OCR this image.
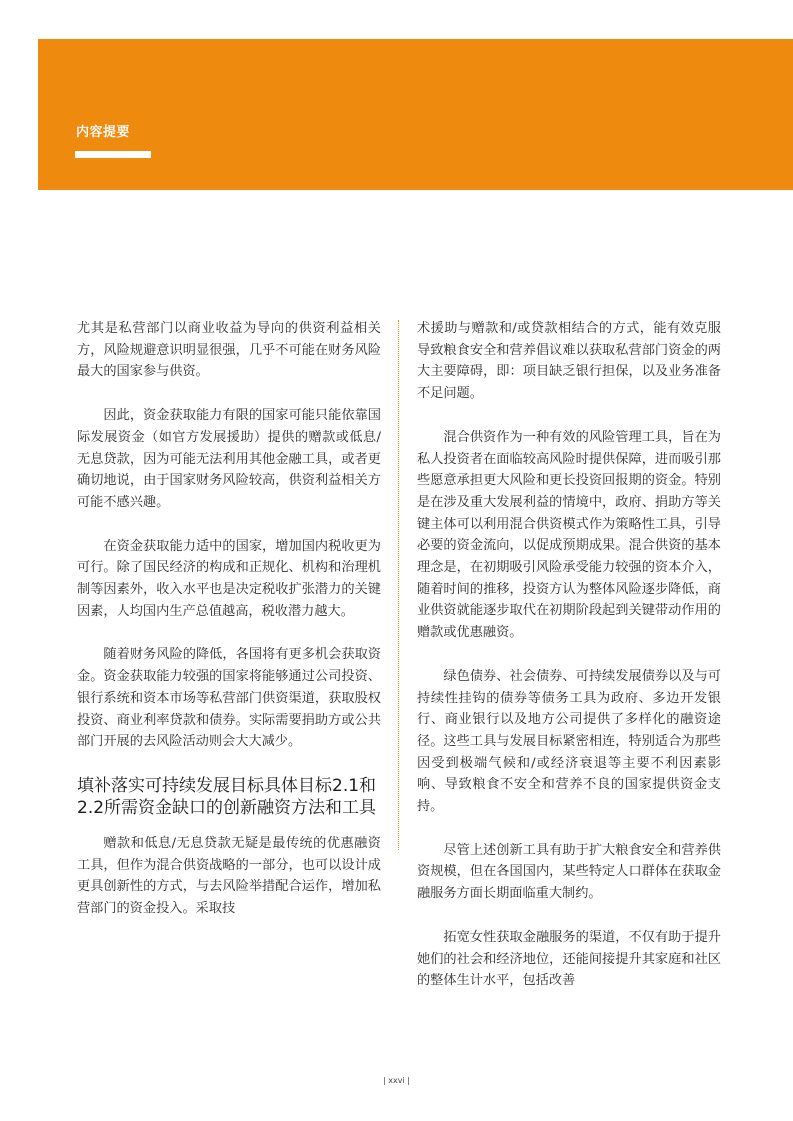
内容提要

尤其是私营部门以商业收益为导向的供资利益相关方，风险规避意识明显很强，几乎不可能在财务风险最大的国家参与供资。

因此，资金获取能力有限的国家可能只能依靠国际发展资金（如官方发展援助）提供的赠款或低息/无息贷款，因为可能无法利用其他金融工具，或者更确切地说，由于国家财务风险较高，供资利益相关方可能不感兴趣。

在资金获取能力适中的国家，增加国内税收更为可行。除了国民经济的构成和正规化、机构和治理机制等因素外，收入水平也是决定税收扩张潜力的关键因素，人均国内生产总值越高，税收潜力越大。

随着财务风险的降低，各国将有更多机会获取资金。资金获取能力较强的国家将能够通过公司投资、银行系统和资本市场等私营部门供资渠道，获取股权投资、商业利率贷款和债券。实际需要捐助方或公共部门开展的去风险活动则会大大减少。

填补落实可持续发展目标具体目标2.1和2.2所需资金缺口的创新融资方法和工具

赠款和低息/无息贷款无疑是最传统的优惠融资工具，但作为混合供资战略的一部分，也可以设计成更具创新性的方式，与去风险举措配合运作，增加私营部门的资金投入。采取技

术援助与赠款和/或贷款相结合的方式，能有效克服导致粮食安全和营养倡议难以获取私营部门资金的两大主要障碍，即：项目缺乏银行担保，以及业务准备不足问题。

混合供资作为一种有效的风险管理工具，旨在为私人投资者在面临较高风险时提供保障，进而吸引那些愿意承担更大风险和更长投资回报期的资金。特别是在涉及重大发展利益的情境中，政府、捐助方等关键主体可以利用混合供资模式作为策略性工具，引导必要的资金流向，以促成预期成果。混合供资的基本理念是，在初期吸引风险承受能力较强的资本介入，随着时间的推移，投资方认为整体风险逐步降低，商业供资就能逐步取代在初期阶段起到关键带动作用的赠款或优惠融资。

绿色债券、社会债券、可持续发展债券以及与可持续性挂钩的债券等债务工具为政府、多边开发银行、商业银行以及地方公司提供了多样化的融资途径。这些工具与发展目标紧密相连，特别适合为那些因受到极端气候和/或经济衰退等主要不利因素影响、导致粮食不安全和营养不良的国家提供资金支持。

尽管上述创新工具有助于扩大粮食安全和营养供资规模，但在各国国内，某些特定人口群体在获取金融服务方面长期面临重大制约。

拓宽女性获取金融服务的渠道，不仅有助于提升她们的社会和经济地位，还能间接提升其家庭和社区的整体生计水平，包括改善

| xxvi |
